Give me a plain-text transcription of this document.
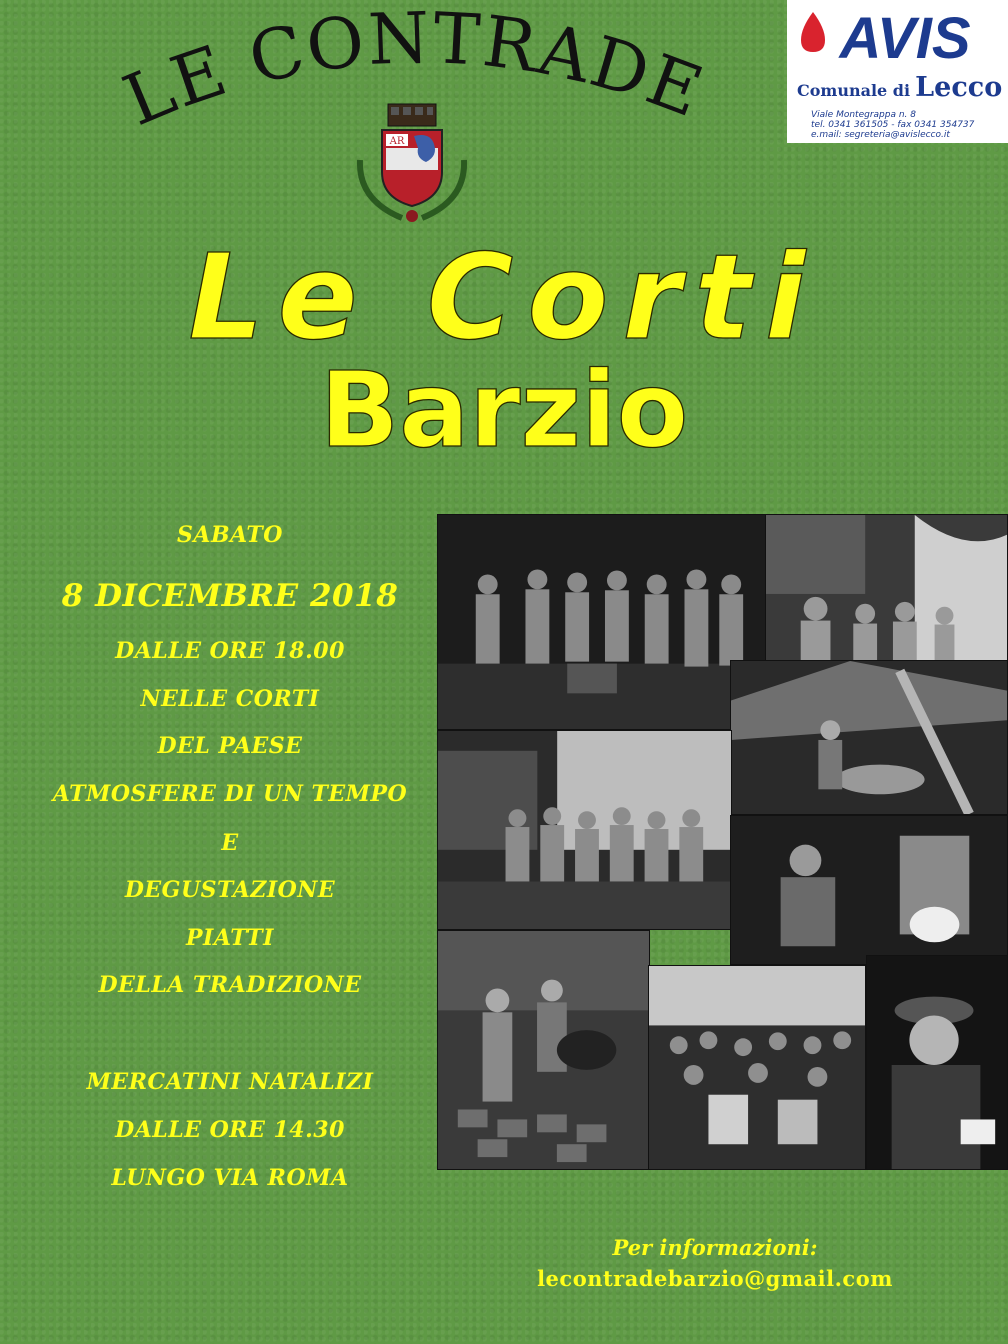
LE CONTRADE
AR
AVIS
Comunale di Lecco
Viale Montegrappa n. 8
tel. 0341 361505 - fax 0341 354737
e.mail: segreteria@avislecco.it
Le Corti
Barzio
SABATO
8 DICEMBRE 2018
DALLE ORE 18.00
NELLE CORTI
DEL PAESE
ATMOSFERE DI UN TEMPO
E
DEGUSTAZIONE
PIATTI
DELLA TRADIZIONE
MERCATINI NATALIZI
DALLE ORE 14.30
LUNGO VIA ROMA
Per informazioni:
lecontradebarzio@gmail.com
